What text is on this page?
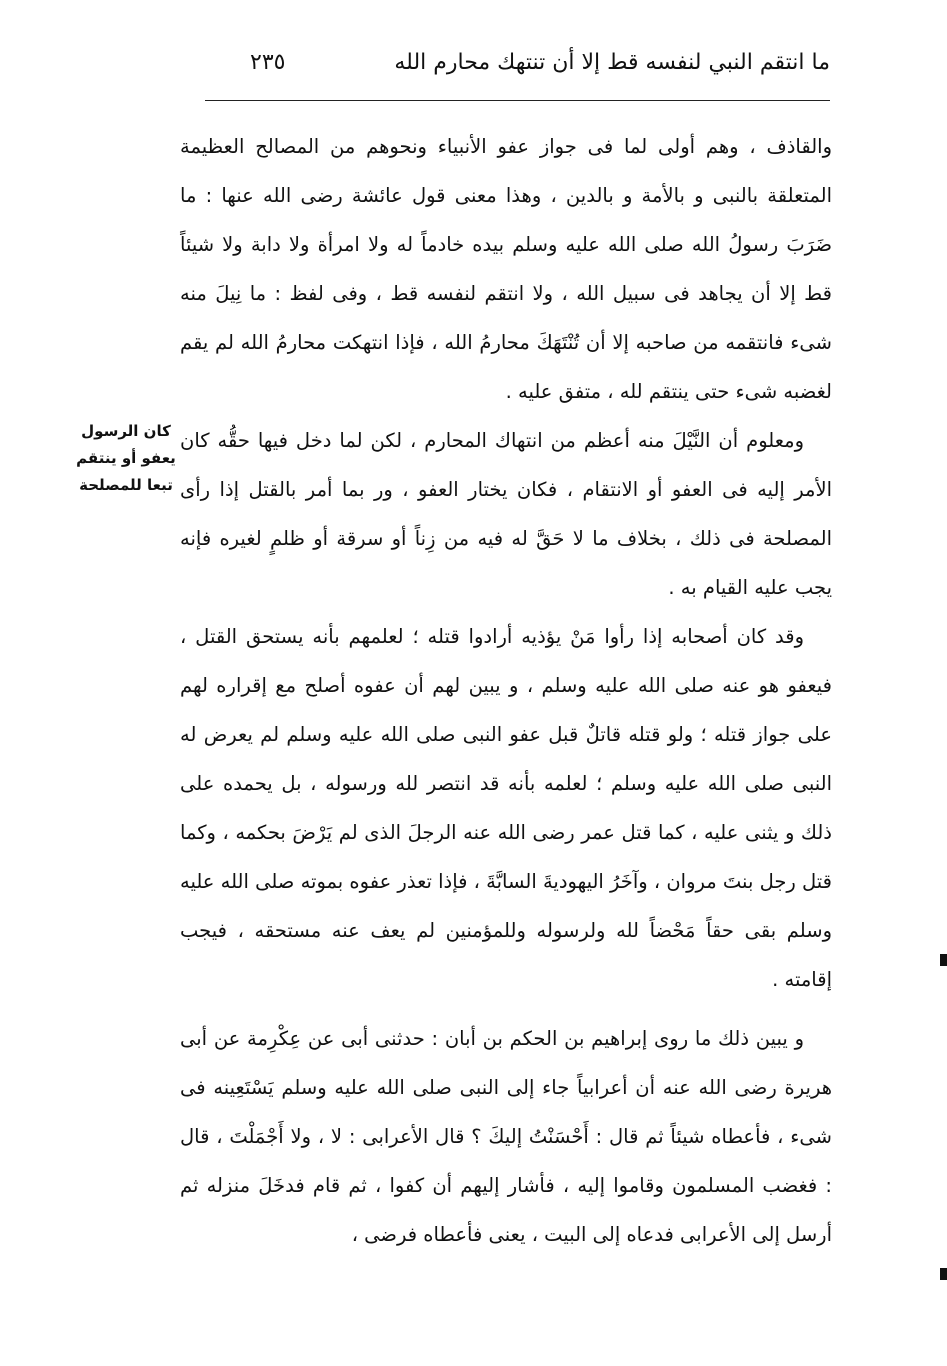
ما انتقم النبي لنفسه قط إلا أن تنتهك محارم الله
٢٣٥
كان الرسول
يعفو أو ينتقم
تبعا للمصلحة

والقاذف ، وهم أولى لما فى جواز عفو الأنبياء ونحوهم من المصالح العظيمة المتعلقة بالنبى و بالأمة و بالدين ، وهذا معنى قول عائشة رضى الله عنها : ما ضَرَبَ رسولُ الله صلى الله عليه وسلم بيده خادماً له ولا امرأة ولا دابة ولا شيئاً قط إلا أن يجاهد فى سبيل الله ، ولا انتقم لنفسه قط ، وفى لفظ : ما نِيلَ منه شىء فانتقمه من صاحبه إلا أن تُنْتَهَكَ محارمُ الله ، فإذا انتهكت محارمُ الله لم يقم لغضبه شىء حتى ينتقم لله ، متفق عليه .

ومعلوم أن النَّيْلَ منه أعظم من انتهاك المحارم ، لكن لما دخل فيها حقُّه كان الأمر إليه فى العفو أو الانتقام ، فكان يختار العفو ، ور بما أمر بالقتل إذا رأى المصلحة فى ذلك ، بخلاف ما لا حَقَّ له فيه من زِناً أو سرقة أو ظلمٍ لغيره فإنه يجب عليه القيام به .

وقد كان أصحابه إذا رأوا مَنْ يؤذيه أرادوا قتله ؛ لعلمهم بأنه يستحق القتل ، فيعفو هو عنه صلى الله عليه وسلم ، و يبين لهم أن عفوه أصلح مع إقراره لهم على جواز قتله ؛ ولو قتله قاتلٌ قبل عفو النبى صلى الله عليه وسلم لم يعرض له النبى صلى الله عليه وسلم ؛ لعلمه بأنه قد انتصر لله ورسوله ، بل يحمده على ذلك و يثنى عليه ، كما قتل عمر رضى الله عنه الرجلَ الذى لم يَرْضَ بحكمه ، وكما قتل رجل بنتَ مروان ، وآخَرُ اليهوديةَ السابَّةَ ، فإذا تعذر عفوه بموته صلى الله عليه وسلم بقى حقاً مَحْضاً لله ولرسوله وللمؤمنين لم يعف عنه مستحقه ، فيجب إقامته .

و يبين ذلك ما روى إبراهيم بن الحكم بن أبان : حدثنى أبى عن عِكْرِمة عن أبى هريرة رضى الله عنه أن أعرابياً جاء إلى النبى صلى الله عليه وسلم يَسْتَعِينه فى شىء ، فأعطاه شيئاً ثم قال : أَحْسَنْتُ إليكَ ؟ قال الأعرابى : لا ، ولا أَجْمَلْتَ ، قال : فغضب المسلمون وقاموا إليه ، فأشار إليهم أن كفوا ، ثم قام فدخَلَ منزله ثم أرسل إلى الأعرابى فدعاه إلى البيت ، يعنى فأعطاه فرضى ،
